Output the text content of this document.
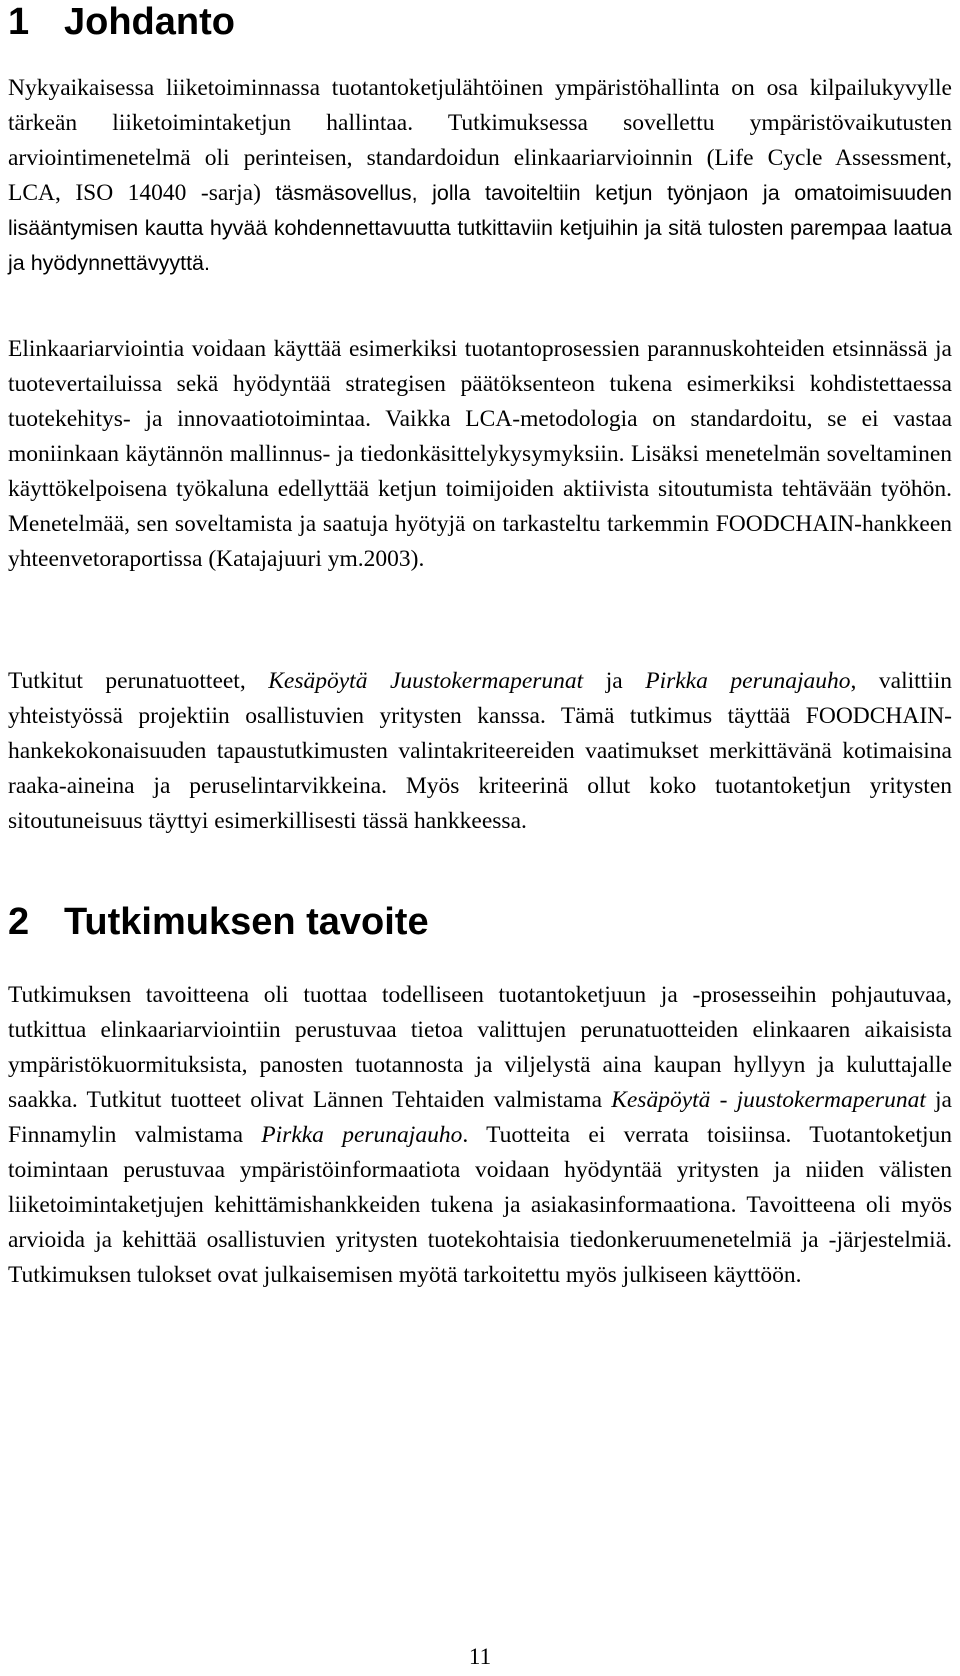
1 Johdanto

Nykyaikaisessa liiketoiminnassa tuotantoketjulähtöinen ympäristöhallinta on osa kilpailukyvylle tärkeän liiketoimintaketjun hallintaa. Tutkimuksessa sovellettu ympäristövaikutusten arviointimenetelmä oli perinteisen, standardoidun elinkaariarvioinnin (Life Cycle Assessment, LCA, ISO 14040 -sarja) täsmäsovellus, jolla tavoiteltiin ketjun työnjaon ja omatoimisuuden lisääntymisen kautta hyvää kohdennettavuutta tutkittaviin ketjuihin ja sitä tulosten parempaa laatua ja hyödynnettävyyttä.

Elinkaariarviointia voidaan käyttää esimerkiksi tuotantoprosessien parannuskohteiden etsinnässä ja tuotevertailuissa sekä hyödyntää strategisen päätöksenteon tukena esimerkiksi kohdistettaessa tuotekehitys- ja innovaatiotoimintaa. Vaikka LCA-metodologia on standardoitu, se ei vastaa moniinkaan käytännön mallinnus- ja tiedonkäsittelykysymyksiin. Lisäksi menetelmän soveltaminen käyttökelpoisena työkaluna edellyttää ketjun toimijoiden aktiivista sitoutumista tehtävään työhön. Menetelmää, sen soveltamista ja saatuja hyötyjä on tarkasteltu tarkemmin FOODCHAIN-hankkeen yhteenvetoraportissa (Katajajuuri ym.2003).

Tutkitut perunatuotteet, Kesäpöytä Juustokermaperunat ja Pirkka perunajauho, valittiin yhteistyössä projektiin osallistuvien yritysten kanssa. Tämä tutkimus täyttää FOODCHAIN-hankekokonaisuuden tapaustutkimusten valintakriteereiden vaatimukset merkittävänä kotimaisina raaka-aineina ja peruselintarvikkeina. Myös kriteerinä ollut koko tuotantoketjun yritysten sitoutuneisuus täyttyi esimerkillisesti tässä hankkeessa.

2 Tutkimuksen tavoite

Tutkimuksen tavoitteena oli tuottaa todelliseen tuotantoketjuun ja -prosesseihin pohjautuvaa, tutkittua elinkaariarviointiin perustuvaa tietoa valittujen perunatuotteiden elinkaaren aikaisista ympäristökuormituksista, panosten tuotannosta ja viljelystä aina kaupan hyllyyn ja kuluttajalle saakka. Tutkitut tuotteet olivat Lännen Tehtaiden valmistama Kesäpöytä - juustokermaperunat ja Finnamylin valmistama Pirkka perunajauho. Tuotteita ei verrata toisiinsa. Tuotantoketjun toimintaan perustuvaa ympäristöinformaatiota voidaan hyödyntää yritysten ja niiden välisten liiketoimintaketjujen kehittämishankkeiden tukena ja asiakasinformaationa. Tavoitteena oli myös arvioida ja kehittää osallistuvien yritysten tuotekohtaisia tiedonkeruumenetelmiä ja -järjestelmiä. Tutkimuksen tulokset ovat julkaisemisen myötä tarkoitettu myös julkiseen käyttöön.

11
